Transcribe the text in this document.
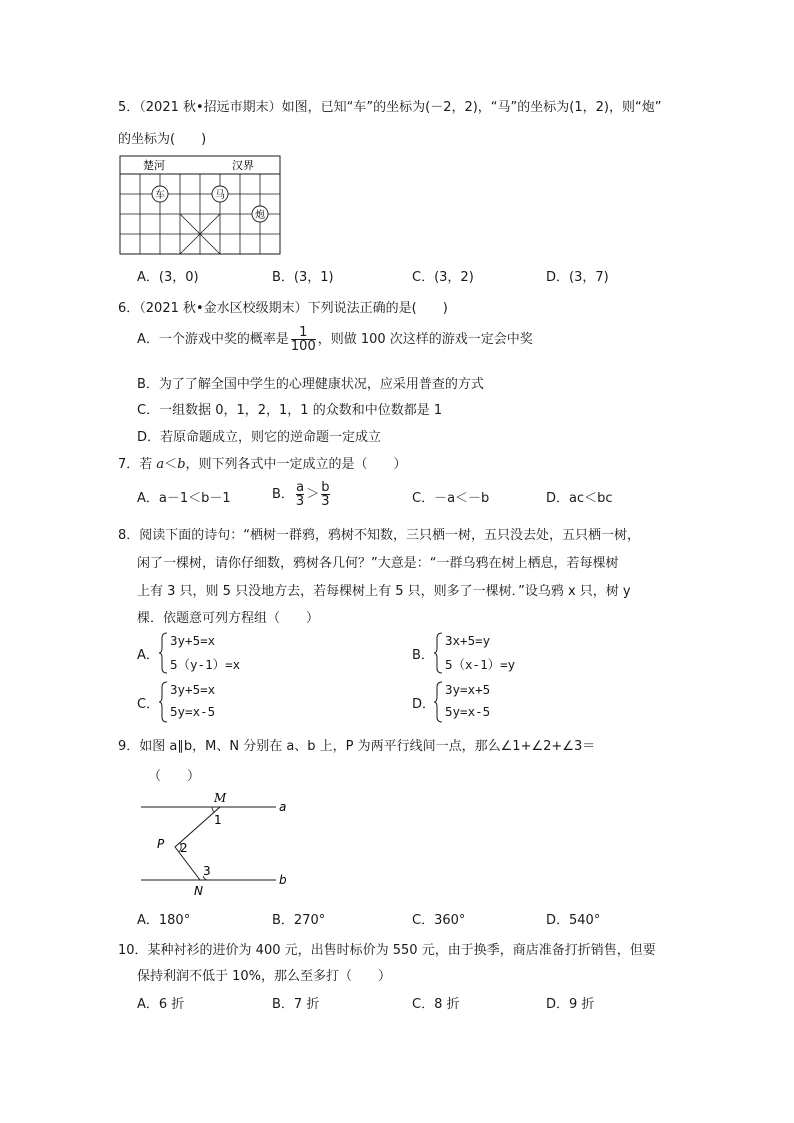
5．（2021 秋•招远市期末）如图，已知“车”的坐标为(－2，2)，“马”的坐标为(1，2)，则“炮”
的坐标为(　　)
楚河	汉界
车	马
炮
A．(3，0)	B．(3，1)	C．(3，2)	D．(3，7)
6．（2021 秋•金水区校级期末）下列说法正确的是(　　)
A．一个游戏中奖的概率是 $\frac{1}{100}$ ，则做 100 次这样的游戏一定会中奖
B．为了了解全国中学生的心理健康状况，应采用普查的方式
C．一组数据 0，1，2，1，1 的众数和中位数都是 1
D．若原命题成立，则它的逆命题一定成立
7．若 a＜b，则下列各式中一定成立的是（　　）
A．a－1＜b－1	B． $\frac{a}{3} > \frac{b}{3}$	C．－a＜－b	D．ac＜bc
8．阅读下面的诗句：“栖树一群鸦，鸦树不知数，三只栖一树，五只没去处，五只栖一树，
闲了一棵树，请你仔细数，鸦树各几何？”大意是：“一群乌鸦在树上栖息，若每棵树
上有 3 只，则 5 只没地方去，若每棵树上有 5 只，则多了一棵树．”设乌鸦 x 只，树 y
棵．依题意可列方程组（　　）
A．
3y+5=x
5（y-1）=x
B．
3x+5=y
5（x-1）=y
C．
3y+5=x
5y=x-5	D．
3y=x+5
5y=x-5
9．如图 a∥b，M、N 分别在 a、b 上，P 为两平行线间一点，那么∠1+∠2+∠3＝
（　　）
M
1
a
P 2
3
b
N
A．180°	B．270°	C．360°	D．540°
10．某种衬衫的进价为 400 元，出售时标价为 550 元，由于换季，商店准备打折销售，但要
保持利润不低于 10%，那么至多打（　　）
A．6 折	B．7 折	C．8 折	D．9 折
